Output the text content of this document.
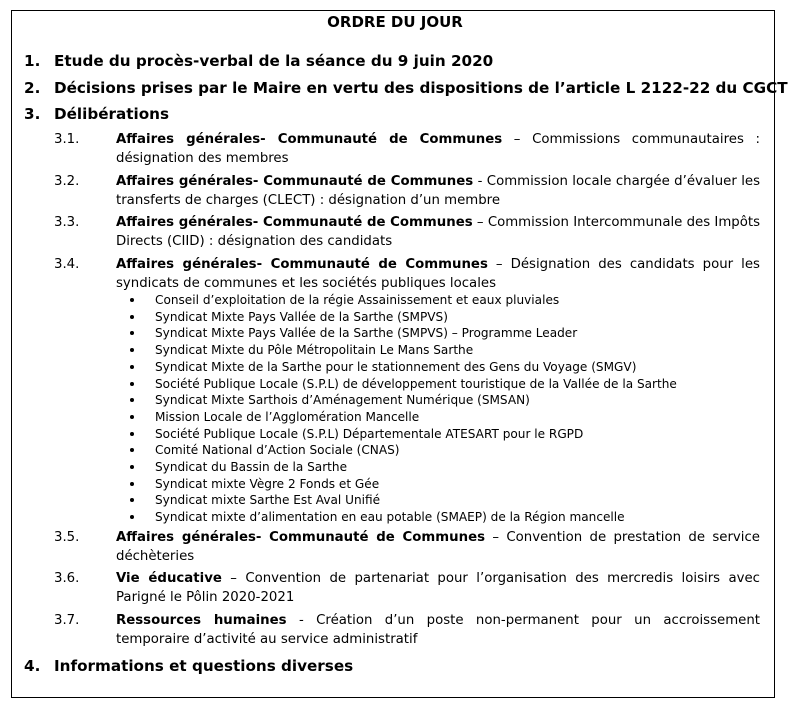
ORDRE DU JOUR
1. Etude du procès-verbal de la séance du 9 juin 2020
2. Décisions prises par le Maire en vertu des dispositions de l’article L 2122-22 du CGCT
3. Délibérations
3.1.	Affaires générales- Communauté de Communes – Commissions communautaires : désignation des membres
3.2.	Affaires générales- Communauté de Communes - Commission locale chargée d’évaluer les transferts de charges (CLECT) : désignation d’un membre
3.3.	Affaires générales- Communauté de Communes – Commission Intercommunale des Impôts Directs (CIID) : désignation des candidats
3.4.	Affaires générales- Communauté de Communes – Désignation des candidats pour les syndicats de communes et les sociétés publiques locales
Conseil d’exploitation de la régie Assainissement et eaux pluviales
Syndicat Mixte Pays Vallée de la Sarthe (SMPVS)
Syndicat Mixte Pays Vallée de la Sarthe (SMPVS) – Programme Leader
Syndicat Mixte du Pôle Métropolitain Le Mans Sarthe
Syndicat Mixte de la Sarthe pour le stationnement des Gens du Voyage (SMGV)
Société Publique Locale (S.P.L) de développement touristique de la Vallée de la Sarthe
Syndicat Mixte Sarthois d’Aménagement Numérique (SMSAN)
Mission Locale de l’Agglomération Mancelle
Société Publique Locale (S.P.L) Départementale ATESART pour le RGPD
Comité National d’Action Sociale (CNAS)
Syndicat du Bassin de la Sarthe
Syndicat mixte Vègre 2 Fonds et Gée
Syndicat mixte Sarthe Est Aval Unifié
Syndicat mixte d’alimentation en eau potable (SMAEP) de la Région mancelle
3.5.	Affaires générales- Communauté de Communes – Convention de prestation de service déchèteries
3.6.	Vie éducative – Convention de partenariat pour l’organisation des mercredis loisirs avec Parigné le Pôlin 2020-2021
3.7.	Ressources humaines - Création d’un poste non-permanent pour un accroissement temporaire d’activité au service administratif
4. Informations et questions diverses
